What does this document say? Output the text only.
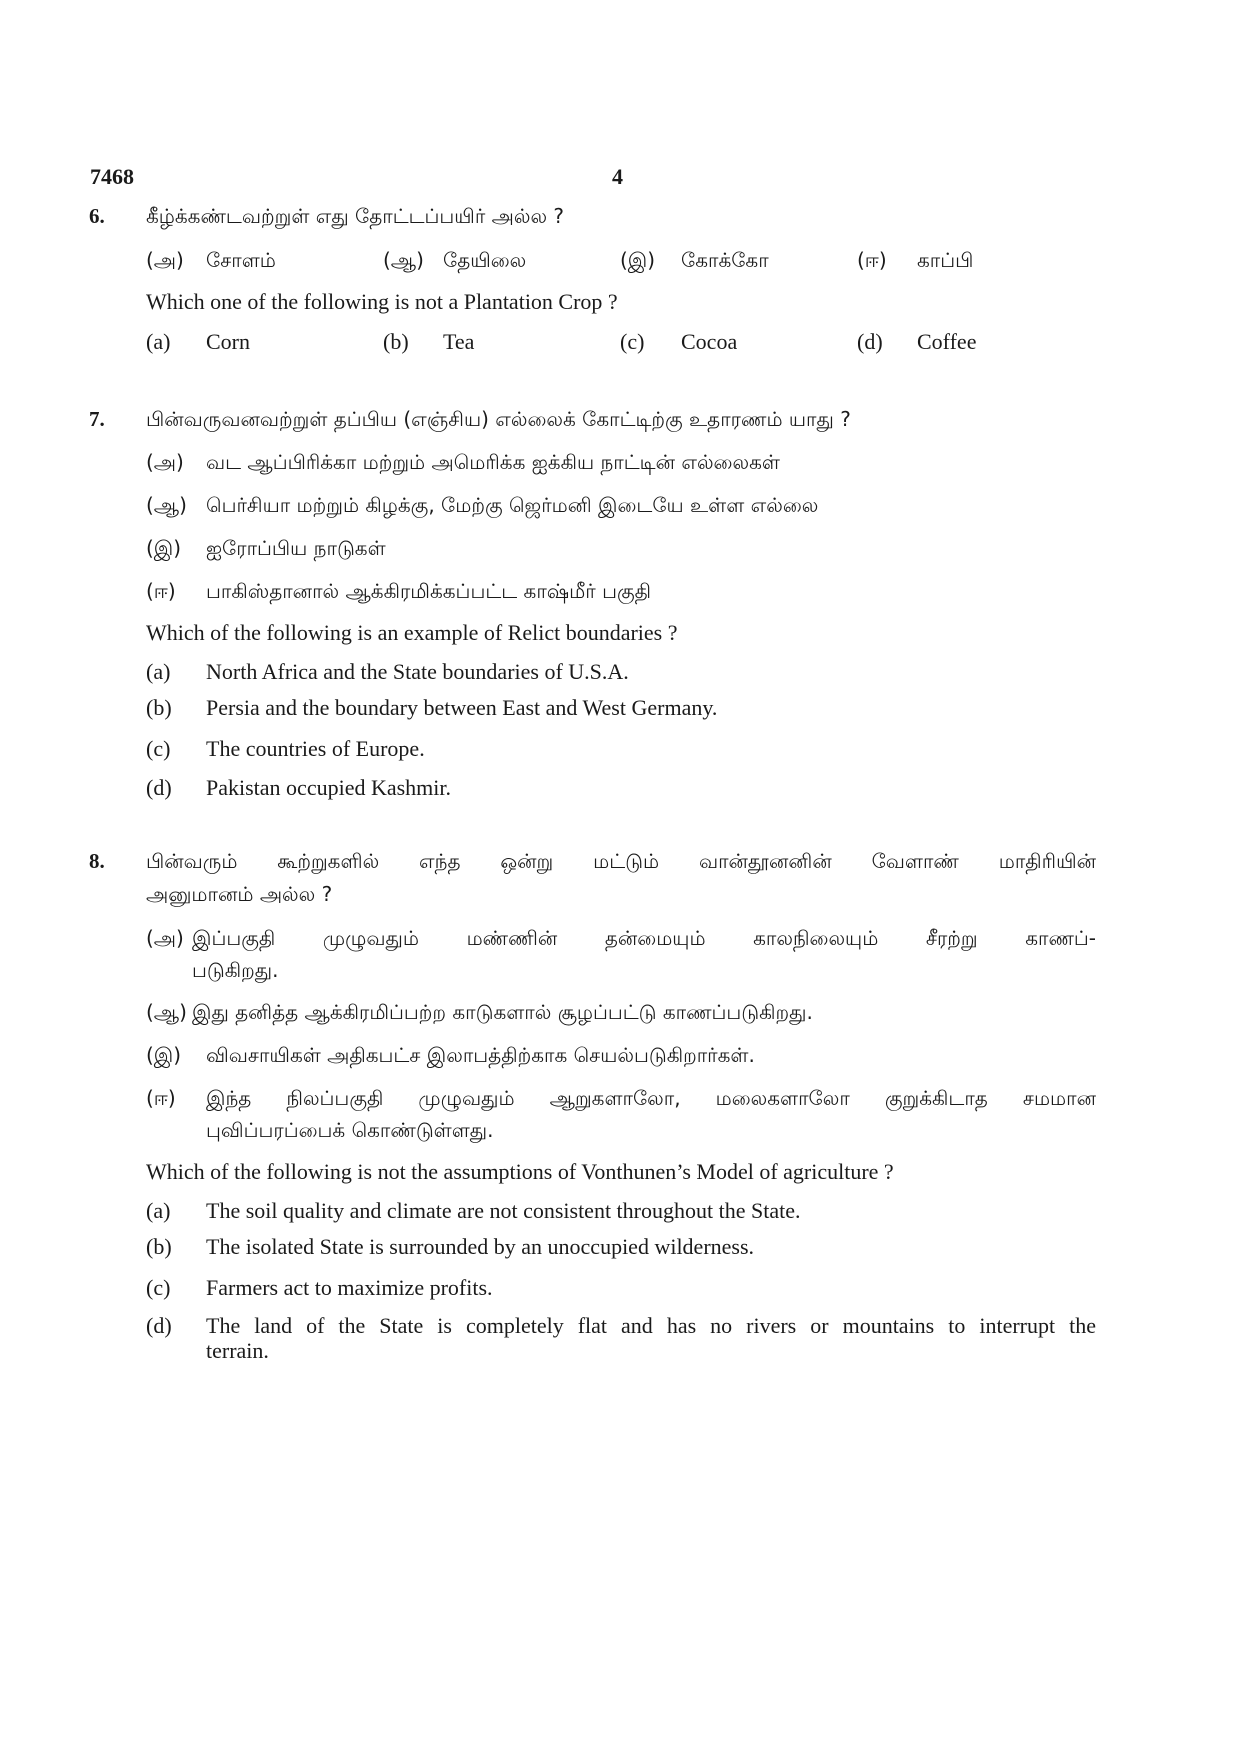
7468	4
6. கீழ்க்கண்டவற்றுள் எது தோட்டப்பயிர் அல்ல ?
(அ) சோளம்	(ஆ) தேயிலை	(இ) கோக்கோ	(ஈ) காப்பி
Which one of the following is not a Plantation Crop ?
(a) Corn	(b) Tea	(c) Cocoa	(d) Coffee
7. பின்வருவனவற்றுள் தப்பிய (எஞ்சிய) எல்லைக் கோட்டிற்கு உதாரணம் யாது ?
(அ) வட ஆப்பிரிக்கா மற்றும் அமெரிக்க ஐக்கிய நாட்டின் எல்லைகள்
(ஆ) பெர்சியா மற்றும் கிழக்கு, மேற்கு ஜெர்மனி இடையே உள்ள எல்லை
(இ) ஐரோப்பிய நாடுகள்
(ஈ) பாகிஸ்தானால் ஆக்கிரமிக்கப்பட்ட காஷ்மீர் பகுதி
Which of the following is an example of Relict boundaries ?
(a) North Africa and the State boundaries of U.S.A.
(b) Persia and the boundary between East and West Germany.
(c) The countries of Europe.
(d) Pakistan occupied Kashmir.
8. பின்வரும் கூற்றுகளில் எந்த ஒன்று மட்டும் வான்தூனனின் வேளாண் மாதிரியின்
அனுமானம் அல்ல ?
(அ) இப்பகுதி முழுவதும் மண்ணின் தன்மையும் காலநிலையும் சீரற்று காணப்-
படுகிறது.
(ஆ) இது தனித்த ஆக்கிரமிப்பற்ற காடுகளால் சூழப்பட்டு காணப்படுகிறது.
(இ) விவசாயிகள் அதிகபட்ச இலாபத்திற்காக செயல்படுகிறார்கள்.
(ஈ) இந்த நிலப்பகுதி முழுவதும் ஆறுகளாலோ, மலைகளாலோ குறுக்கிடாத சமமான
புவிப்பரப்பைக் கொண்டுள்ளது.
Which of the following is not the assumptions of Vonthunen’s Model of agriculture ?
(a) The soil quality and climate are not consistent throughout the State.
(b) The isolated State is surrounded by an unoccupied wilderness.
(c) Farmers act to maximize profits.
(d) The land of the State is completely flat and has no rivers or mountains to interrupt the
terrain.
